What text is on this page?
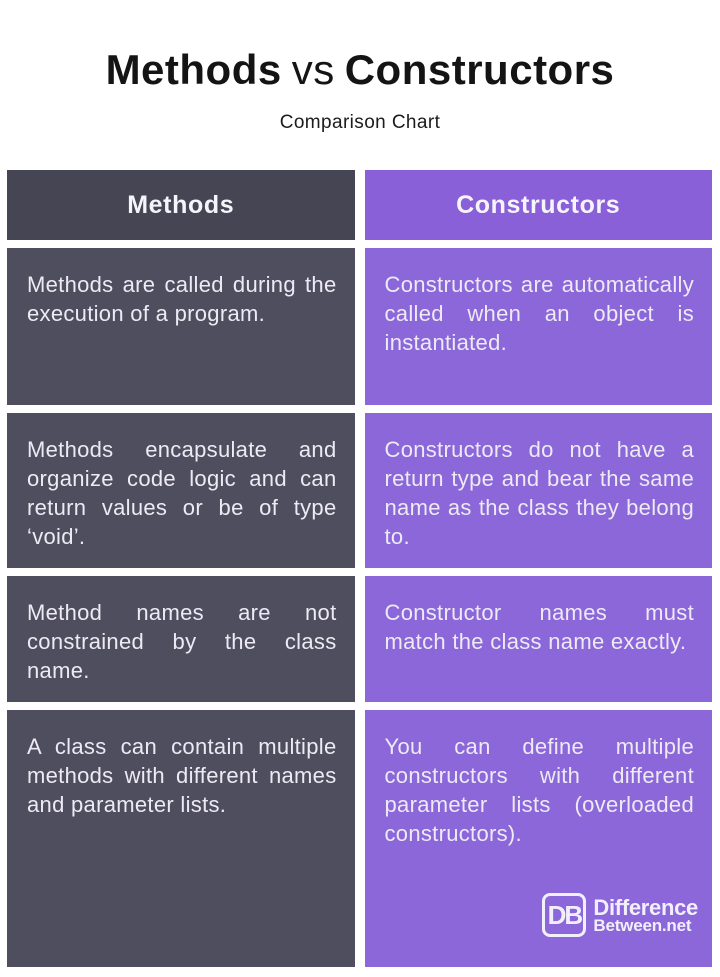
Methods vs Constructors
Comparison Chart
Methods	Constructors

Methods are called during the execution of a program.

Constructors are automatically called when an object is instantiated.

Methods encapsulate and organize code logic and can return values or be of type ‘void’.

Constructors do not have a return type and bear the same name as the class they belong to.

Method names are not constrained by the class name.

Constructor names must match the class name exactly.

A class can contain multiple methods with different names and parameter lists.

You can define multiple constructors with different parameter lists (overloaded constructors).

DB Difference
Between.net
